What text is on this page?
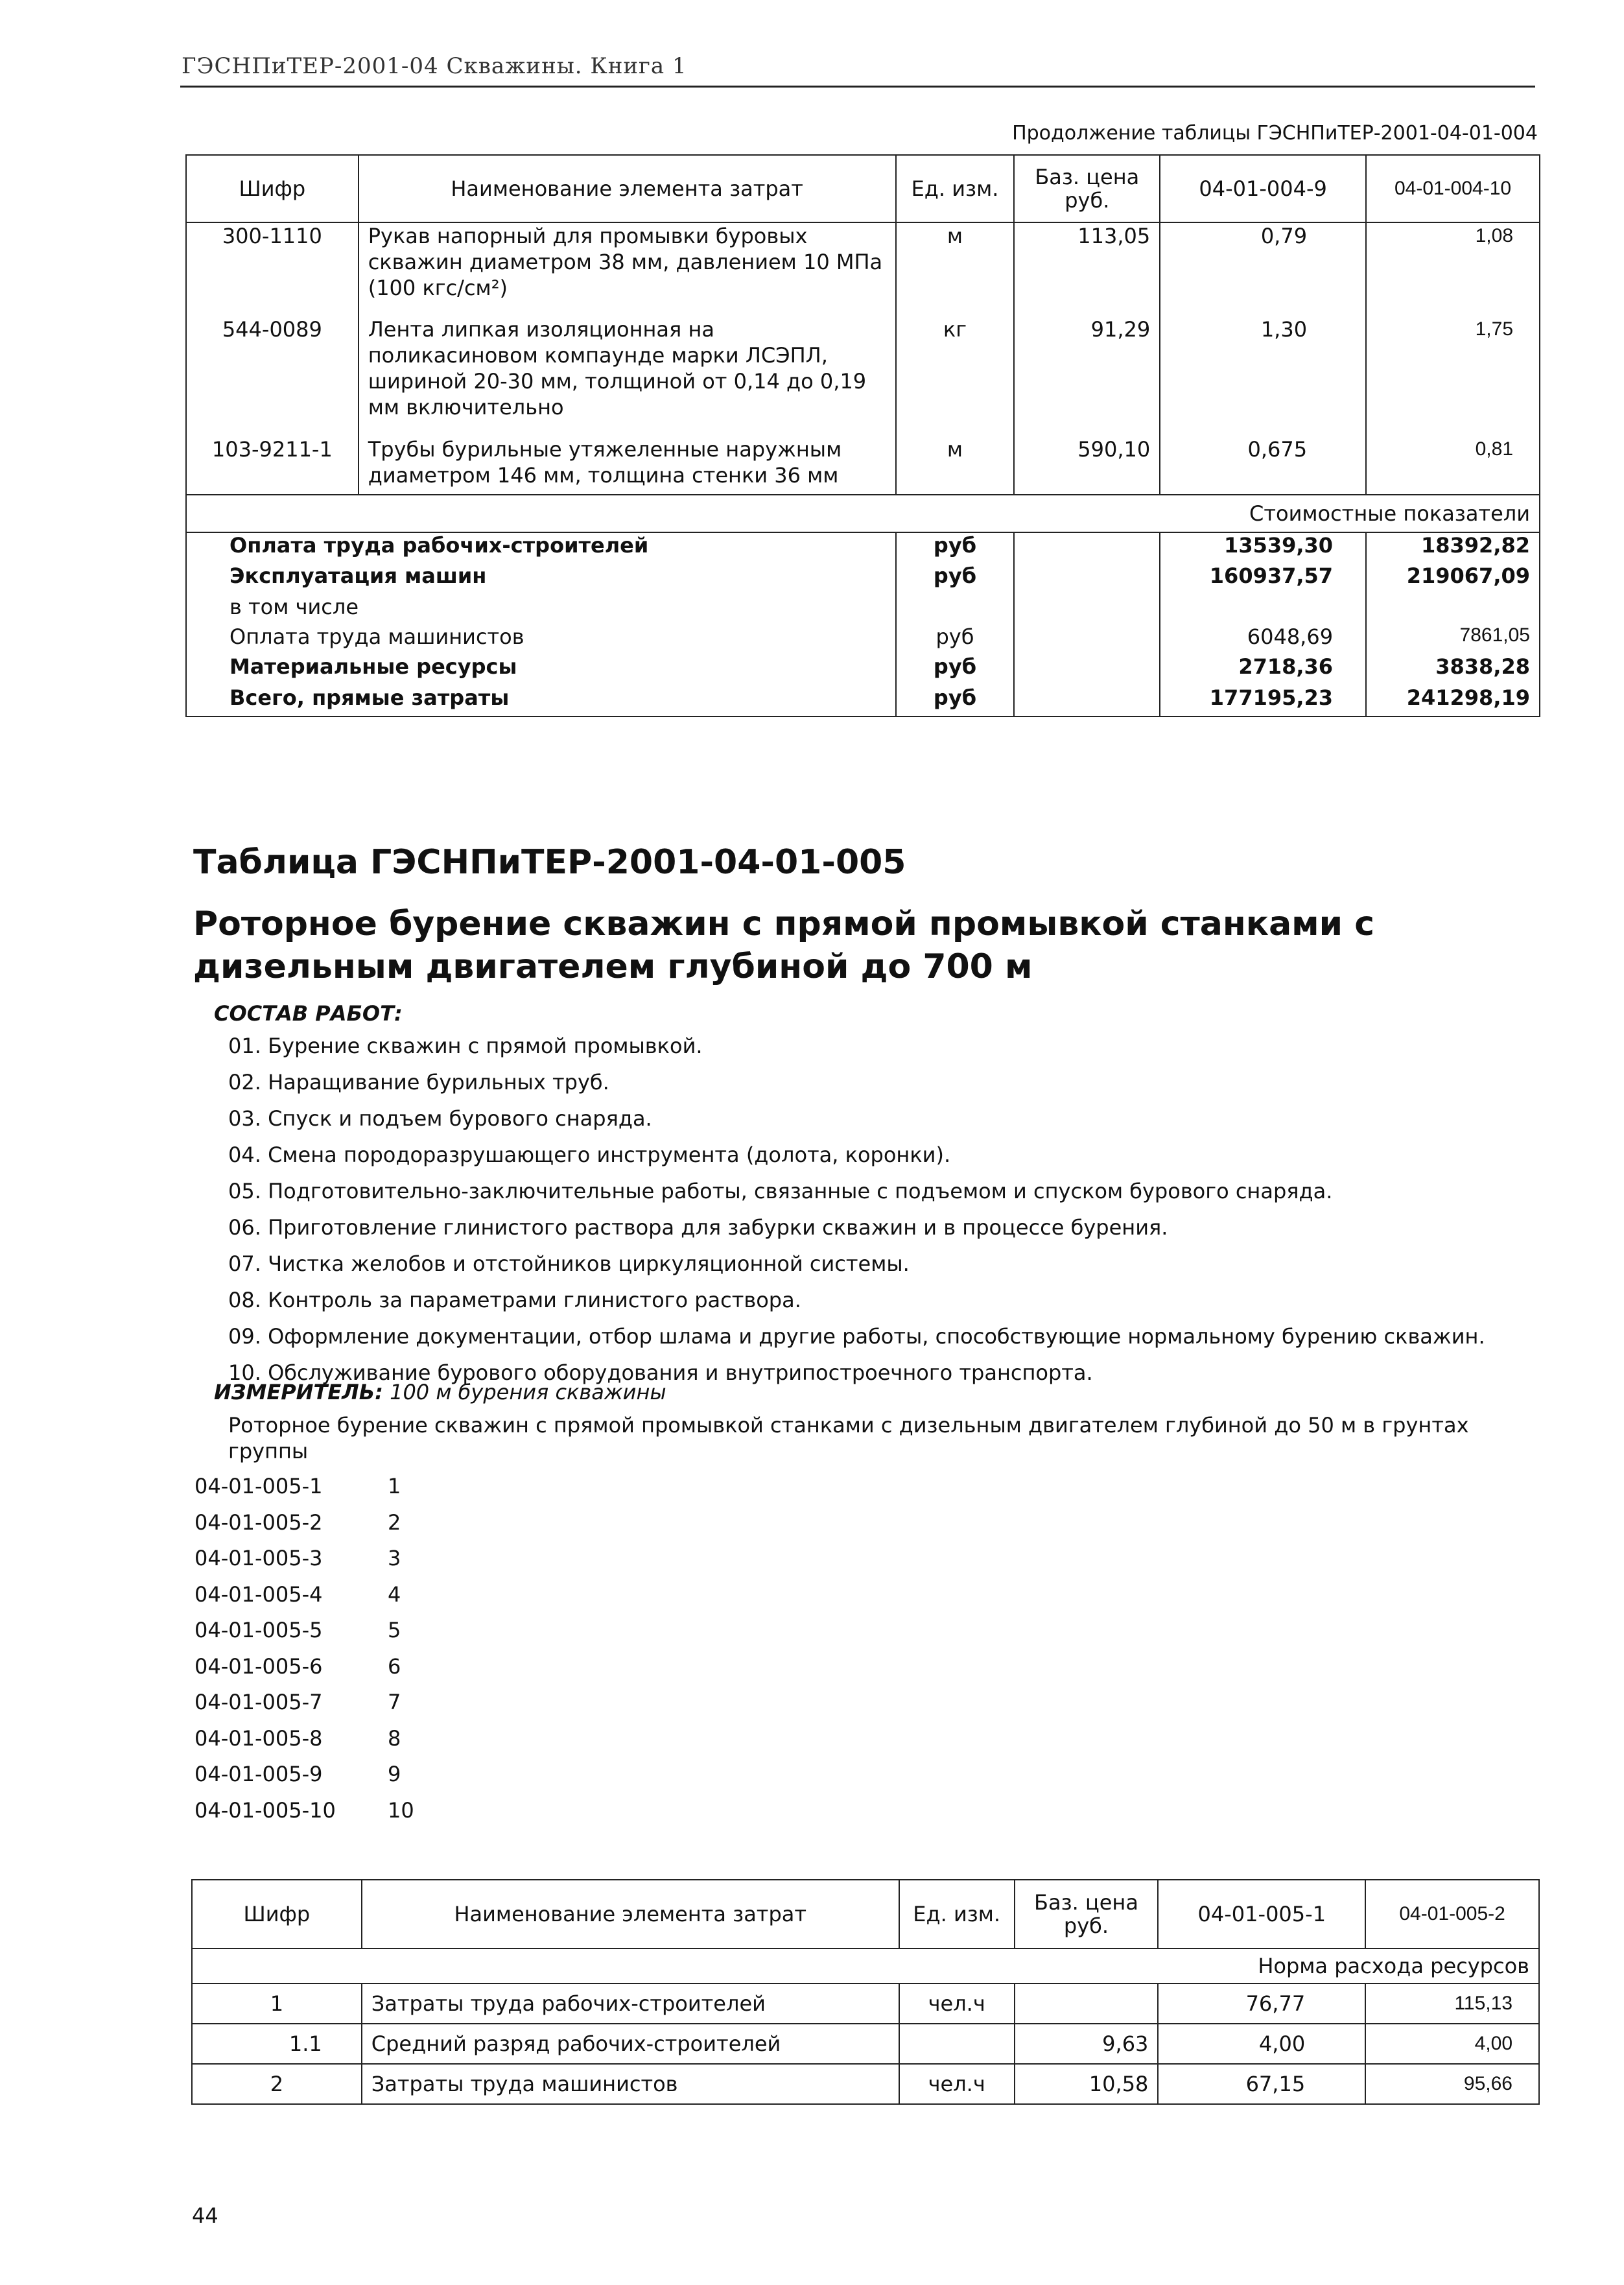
ГЭСНПиТЕР-2001-04 Скважины. Книга 1
Продолжение таблицы ГЭСНПиТЕР-2001-04-01-004
Шифр	Наименование элемента затрат	Ед. изм.	Баз. цена руб.	04-01-004-9	04-01-004-10
300-1110	Рукав напорный для промывки буровых скважин диаметром 38 мм, давлением 10 МПа (100 кгс/см²)	м	113,05	0,79	1,08
544-0089	Лента липкая изоляционная на поликасиновом компаунде марки ЛСЭПЛ, шириной 20-30 мм, толщиной от 0,14 до 0,19 мм включительно	кг	91,29	1,30	1,75
103-9211-1	Трубы бурильные утяжеленные наружным диаметром 146 мм, толщина стенки 36 мм	м	590,10	0,675	0,81
Стоимостные показатели					
Оплата труда рабочих-строителей		руб		13539,30	18392,82
Эксплуатация машин		руб		160937,57	219067,09
в том числе					
Оплата труда машинистов		руб		6048,69	7861,05
Материальные ресурсы		руб		2718,36	3838,28
Всего, прямые затраты		руб		177195,23	241298,19
Таблица ГЭСНПиТЕР-2001-04-01-005
Роторное бурение скважин с прямой промывкой станками с дизельным двигателем глубиной до 700 м
СОСТАВ РАБОТ:
01. Бурение скважин с прямой промывкой.
02. Наращивание бурильных труб.
03. Спуск и подъем бурового снаряда.
04. Смена породоразрушающего инструмента (долота, коронки).
05. Подготовительно-заключительные работы, связанные с подъемом и спуском бурового снаряда.
06. Приготовление глинистого раствора для забурки скважин и в процессе бурения.
07. Чистка желобов и отстойников циркуляционной системы.
08. Контроль за параметрами глинистого раствора.
09. Оформление документации, отбор шлама и другие работы, способствующие нормальному бурению скважин.
10. Обслуживание бурового оборудования и внутрипостроечного транспорта.
ИЗМЕРИТЕЛЬ: 100 м бурения скважины
Роторное бурение скважин с прямой промывкой станками с дизельным двигателем глубиной до 50 м в грунтах группы
04-01-005-1	1
04-01-005-2	2
04-01-005-3	3
04-01-005-4	4
04-01-005-5	5
04-01-005-6	6
04-01-005-7	7
04-01-005-8	8
04-01-005-9	9
04-01-005-10	10
Шифр	Наименование элемента затрат	Ед. изм.	Баз. цена руб.	04-01-005-1	04-01-005-2
Норма расхода ресурсов					
1	Затраты труда рабочих-строителей	чел.ч		76,77	115,13
1.1	Средний разряд рабочих-строителей		9,63	4,00	4,00
2	Затраты труда машинистов	чел.ч	10,58	67,15	95,66
44
